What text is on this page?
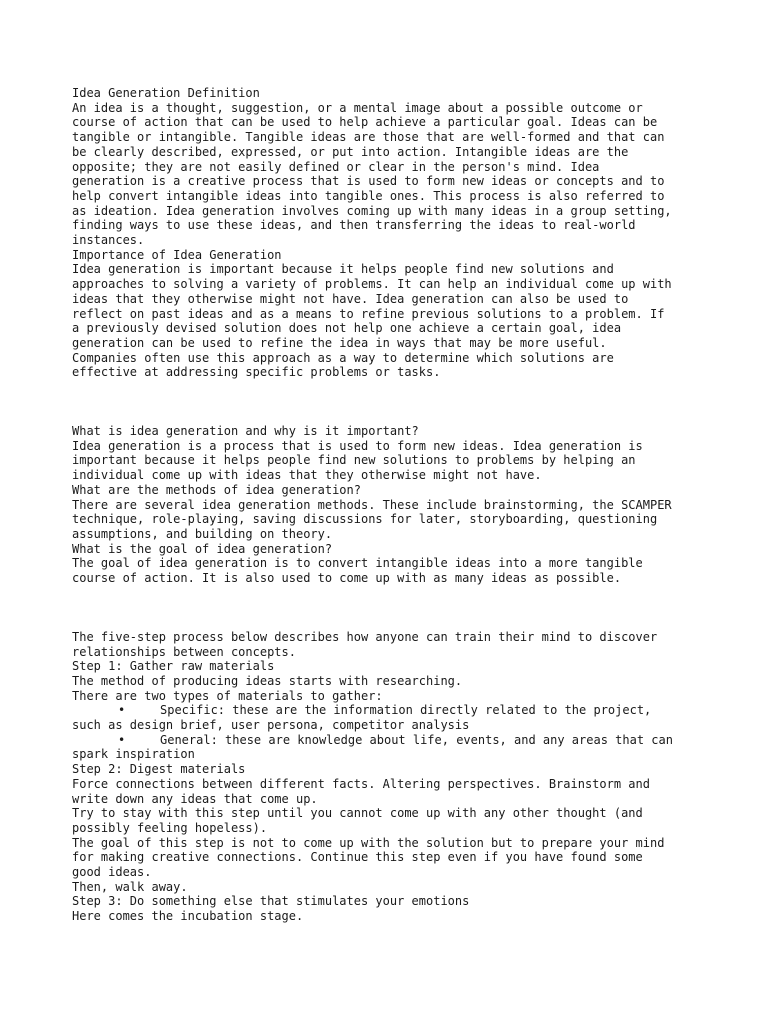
Idea Generation Definition
An idea is a thought, suggestion, or a mental image about a possible outcome or
course of action that can be used to help achieve a particular goal. Ideas can be
tangible or intangible. Tangible ideas are those that are well-formed and that can
be clearly described, expressed, or put into action. Intangible ideas are the
opposite; they are not easily defined or clear in the person's mind. Idea
generation is a creative process that is used to form new ideas or concepts and to
help convert intangible ideas into tangible ones. This process is also referred to
as ideation. Idea generation involves coming up with many ideas in a group setting,
finding ways to use these ideas, and then transferring the ideas to real-world
instances.
Importance of Idea Generation
Idea generation is important because it helps people find new solutions and
approaches to solving a variety of problems. It can help an individual come up with
ideas that they otherwise might not have. Idea generation can also be used to
reflect on past ideas and as a means to refine previous solutions to a problem. If
a previously devised solution does not help one achieve a certain goal, idea
generation can be used to refine the idea in ways that may be more useful.
Companies often use this approach as a way to determine which solutions are
effective at addressing specific problems or tasks.
What is idea generation and why is it important?
Idea generation is a process that is used to form new ideas. Idea generation is
important because it helps people find new solutions to problems by helping an
individual come up with ideas that they otherwise might not have.
What are the methods of idea generation?
There are several idea generation methods. These include brainstorming, the SCAMPER
technique, role-playing, saving discussions for later, storyboarding, questioning
assumptions, and building on theory.
What is the goal of idea generation?
The goal of idea generation is to convert intangible ideas into a more tangible
course of action. It is also used to come up with as many ideas as possible.
The five-step process below describes how anyone can train their mind to discover
relationships between concepts.
Step 1: Gather raw materials
The method of producing ideas starts with researching.
There are two types of materials to gather:
•	Specific: these are the information directly related to the project,
such as design brief, user persona, competitor analysis
•	General: these are knowledge about life, events, and any areas that can
spark inspiration
Step 2: Digest materials
Force connections between different facts. Altering perspectives. Brainstorm and
write down any ideas that come up.
Try to stay with this step until you cannot come up with any other thought (and
possibly feeling hopeless).
The goal of this step is not to come up with the solution but to prepare your mind
for making creative connections. Continue this step even if you have found some
good ideas.
Then, walk away.
Step 3: Do something else that stimulates your emotions
Here comes the incubation stage.
